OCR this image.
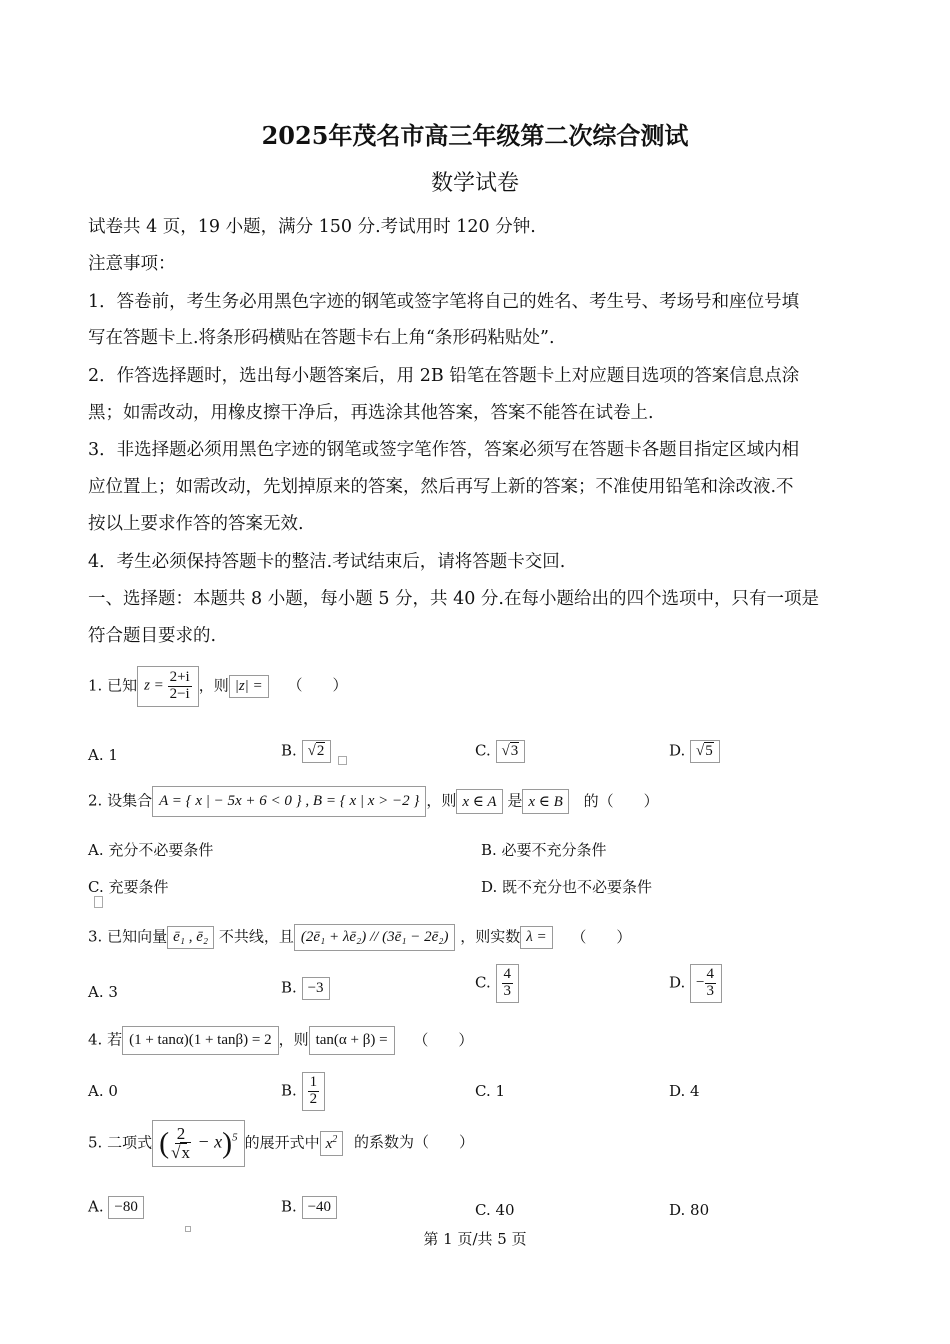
2025年茂名市高三年级第二次综合测试
数学试卷
试卷共 4 页，19 小题，满分 150 分.考试用时 120 分钟.
注意事项：
1．答卷前，考生务必用黑色字迹的钢笔或签字笔将自己的姓名、考生号、考场号和座位号填
写在答题卡上.将条形码横贴在答题卡右上角“条形码粘贴处”.
2．作答选择题时，选出每小题答案后，用 2B 铅笔在答题卡上对应题目选项的答案信息点涂
黑；如需改动，用橡皮擦干净后，再选涂其他答案，答案不能答在试卷上.
3．非选择题必须用黑色字迹的钢笔或签字笔作答，答案必须写在答题卡各题目指定区域内相
应位置上；如需改动，先划掉原来的答案，然后再写上新的答案；不准使用铅笔和涂改液.不
按以上要求作答的答案无效.
4．考生必须保持答题卡的整洁.考试结束后，请将答题卡交回.
一、选择题：本题共 8 小题，每小题 5 分，共 40 分.在每小题给出的四个选项中，只有一项是
符合题目要求的.
1. 已知 $z = \frac{2+i}{2-i}$ ，则 |z| = （　　）
A. 1	B. √ 2	C. √ 3	D. √ 5
2. 设集合 A = { x | − 5x + 6 < 0 } , B = { x | x > −2 } ，则 x ∈ A 是 x ∈ B 的（　　）
A. 充分不必要条件	B. 必要不充分条件
C. 充要条件	D. 既不充分也不必要条件
3. 已知向量 ē₁ , ē₂ 不共线，且 (2ē₁ + λē₂) // (3ē₁ − 2ē₂) ，则实数 λ = （　　）
A. 3	B. −3	C. $\frac{4}{3}$	D. − $\frac{4}{3}$
4. 若 (1 + tanα)(1 + tanβ) = 2 ，则 tan(α + β) = （　　）
A. 0	B. $\frac{1}{2}$	C. 1	D. 4
5. 二项式 ( 2
√ x − x)$^5$ 的展开式中 $x^2$ 的系数为（　　）
A. −80	B. −40	C. 40	D. 80
第 1 页/共 5 页
